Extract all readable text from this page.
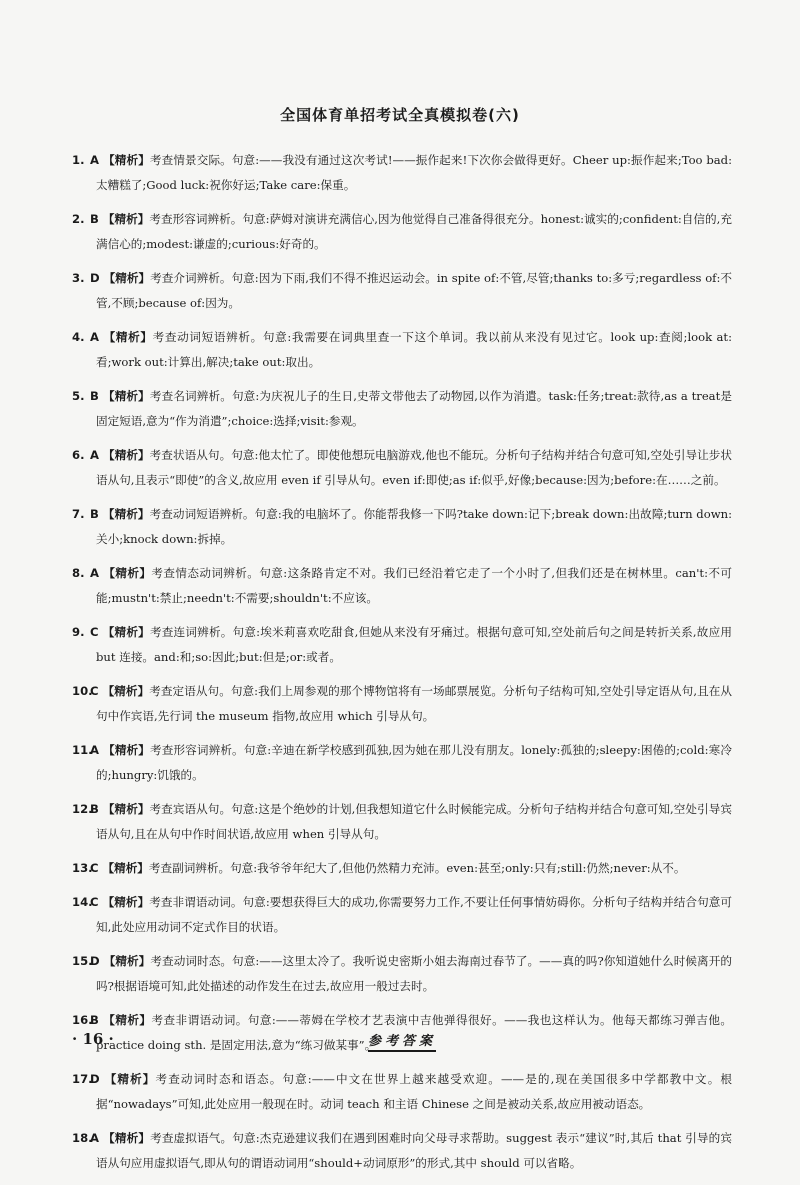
全国体育单招考试全真模拟卷(六)
1. A 【精析】考查情景交际。句意:——我没有通过这次考试!——振作起来!下次你会做得更好。Cheer up:振作起来;Too bad:太糟糕了;Good luck:祝你好运;Take care:保重。
2. B 【精析】考查形容词辨析。句意:萨姆对演讲充满信心,因为他觉得自己准备得很充分。honest:诚实的;confident:自信的,充满信心的;modest:谦虚的;curious:好奇的。
3. D 【精析】考查介词辨析。句意:因为下雨,我们不得不推迟运动会。in spite of:不管,尽管;thanks to:多亏;regardless of:不管,不顾;because of:因为。
4. A 【精析】考查动词短语辨析。句意:我需要在词典里查一下这个单词。我以前从来没有见过它。look up:查阅;look at:看;work out:计算出,解决;take out:取出。
5. B 【精析】考查名词辨析。句意:为庆祝儿子的生日,史蒂文带他去了动物园,以作为消遣。task:任务;treat:款待,as a treat是固定短语,意为“作为消遣”;choice:选择;visit:参观。
6. A 【精析】考查状语从句。句意:他太忙了。即使他想玩电脑游戏,他也不能玩。分析句子结构并结合句意可知,空处引导让步状语从句,且表示“即使”的含义,故应用 even if 引导从句。even if:即使;as if:似乎,好像;because:因为;before:在……之前。
7. B 【精析】考查动词短语辨析。句意:我的电脑坏了。你能帮我修一下吗?take down:记下;break down:出故障;turn down:关小;knock down:拆掉。
8. A 【精析】考查情态动词辨析。句意:这条路肯定不对。我们已经沿着它走了一个小时了,但我们还是在树林里。can't:不可能;mustn't:禁止;needn't:不需要;shouldn't:不应该。
9. C 【精析】考查连词辨析。句意:埃米莉喜欢吃甜食,但她从来没有牙痛过。根据句意可知,空处前后句之间是转折关系,故应用 but 连接。and:和;so:因此;but:但是;or:或者。
10.C 【精析】考查定语从句。句意:我们上周参观的那个博物馆将有一场邮票展览。分析句子结构可知,空处引导定语从句,且在从句中作宾语,先行词 the museum 指物,故应用 which 引导从句。
11.A 【精析】考查形容词辨析。句意:辛迪在新学校感到孤独,因为她在那儿没有朋友。lonely:孤独的;sleepy:困倦的;cold:寒冷的;hungry:饥饿的。
12.B 【精析】考查宾语从句。句意:这是个绝妙的计划,但我想知道它什么时候能完成。分析句子结构并结合句意可知,空处引导宾语从句,且在从句中作时间状语,故应用 when 引导从句。
13.C 【精析】考查副词辨析。句意:我爷爷年纪大了,但他仍然精力充沛。even:甚至;only:只有;still:仍然;never:从不。
14.C 【精析】考查非谓语动词。句意:要想获得巨大的成功,你需要努力工作,不要让任何事情妨碍你。分析句子结构并结合句意可知,此处应用动词不定式作目的状语。
15.D 【精析】考查动词时态。句意:——这里太冷了。我听说史密斯小姐去海南过春节了。——真的吗?你知道她什么时候离开的吗?根据语境可知,此处描述的动作发生在过去,故应用一般过去时。
16.B 【精析】考查非谓语动词。句意:——蒂姆在学校才艺表演中吉他弹得很好。——我也这样认为。他每天都练习弹吉他。practice doing sth. 是固定用法,意为“练习做某事”。
17.D 【精析】考查动词时态和语态。句意:——中文在世界上越来越受欢迎。——是的,现在美国很多中学都教中文。根据“nowadays”可知,此处应用一般现在时。动词 teach 和主语 Chinese 之间是被动关系,故应用被动语态。
18.A 【精析】考查虚拟语气。句意:杰克逊建议我们在遇到困难时向父母寻求帮助。suggest 表示“建议”时,其后 that 引导的宾语从句应用虚拟语气,即从句的谓语动词用“should+动词原形”的形式,其中 should 可以省略。
· 16 ·	参考答案
